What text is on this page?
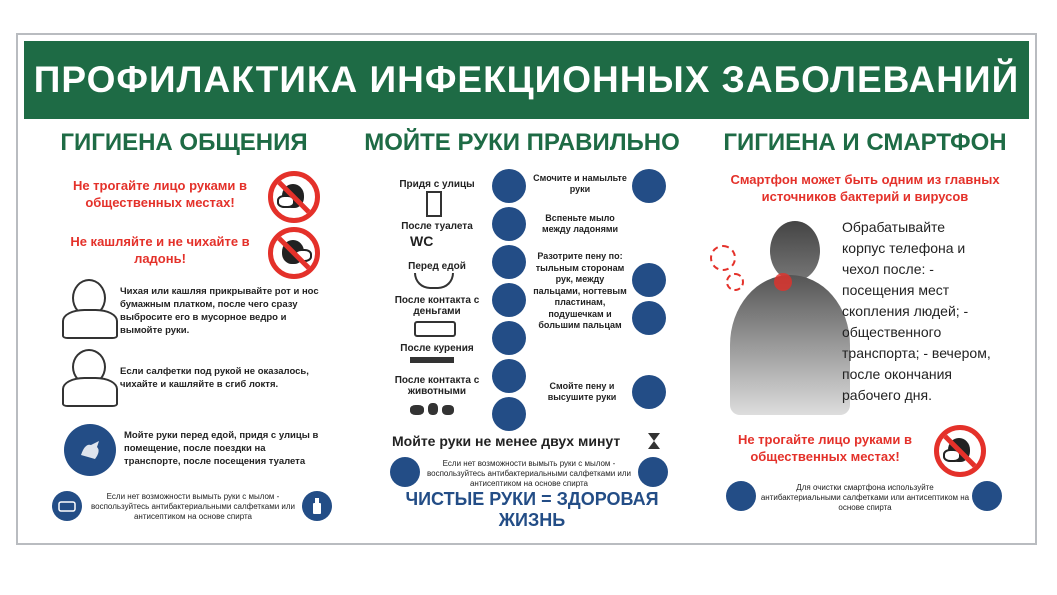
ПРОФИЛАКТИКА ИНФЕКЦИОННЫХ ЗАБОЛЕВАНИЙ
ГИГИЕНА ОБЩЕНИЯ
Не трогайте лицо руками в общественных местах!
Не кашляйте и не чихайте в ладонь!
Чихая или кашляя прикрывайте рот и нос бумажным платком, после чего сразу выбросите его в мусорное ведро и вымойте руки.
Если салфетки под рукой не оказалось, чихайте и кашляйте в сгиб локтя.
Мойте руки перед едой, придя с улицы в помещение, после поездки на транспорте, после посещения туалета
Если нет возможности вымыть руки с мылом - воспользуйтесь антибактериальными салфетками или антисептиком на основе спирта
МОЙТЕ РУКИ ПРАВИЛЬНО
Придя с улицы
После туалета
WC
Перед едой
После контакта с деньгами
После курения
После контакта с животными
Смочите и намыльте руки
Вспеньте мыло между ладонями
Разотрите пену по: тыльным сторонам рук, между пальцами, ногтевым пластинам, подушечкам и большим пальцам
Смойте пену и высушите руки
Мойте руки не менее двух минут
Если нет возможности вымыть руки с мылом - воспользуйтесь антибактериальными салфетками или антисептиком на основе спирта
ЧИСТЫЕ РУКИ = ЗДОРОВАЯ ЖИЗНЬ
ГИГИЕНА И СМАРТФОН
Смартфон может быть одним из главных источников бактерий и вирусов
Обрабатывайте корпус телефона и чехол после: - посещения мест скопления людей; - общественного транспорта; - вечером, после окончания рабочего дня.
Не трогайте лицо руками в общественных местах!
Для очистки смартфона используйте антибактериальными салфетками или антисептиком на основе спирта
